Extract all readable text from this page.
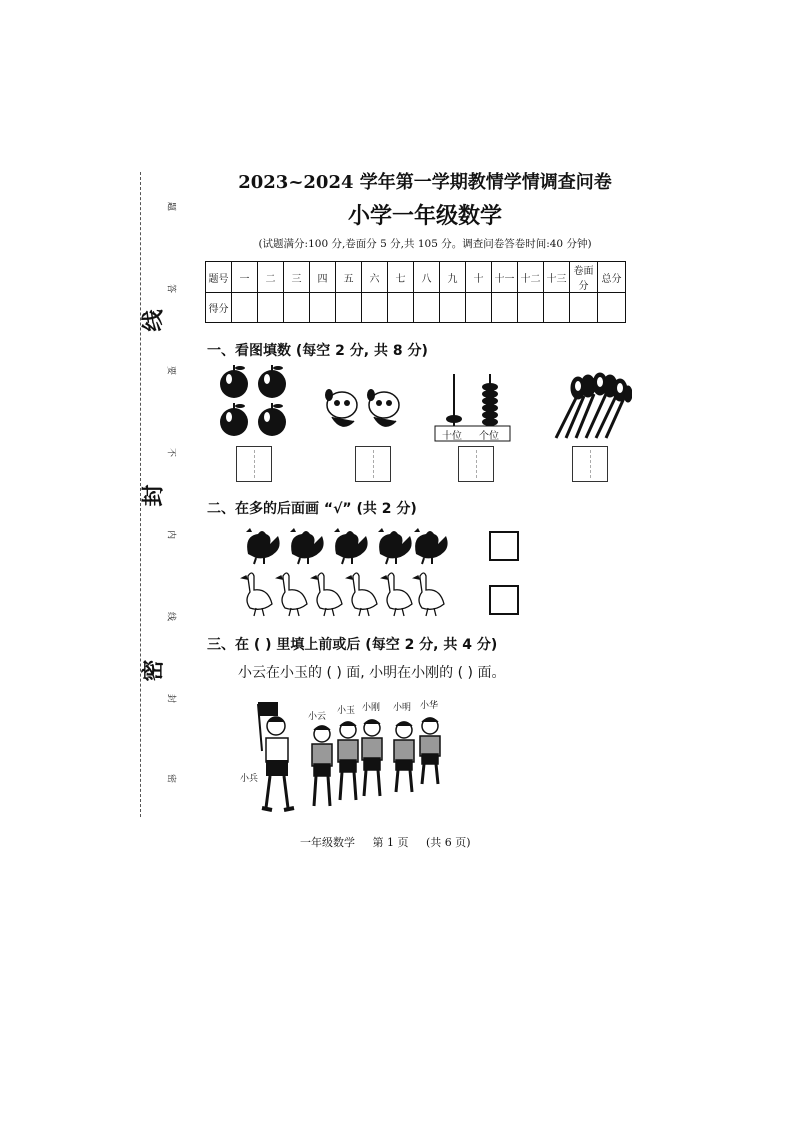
线
封
密
题
答
要
不
内
线
封
密
2023~2024 学年第一学期教情学情调查问卷
小学一年级数学
(试题满分:100 分,卷面分 5 分,共 105 分。调查问卷答卷时间:40 分钟)
题号	一	二	三	四	五	六	七	八	九	十	十一	十二	十三	卷面分	总分
得分															
一、看图填数 (每空 2 分, 共 8 分)
十位 个位
二、在多的后面画 “√” (共 2 分)
三、在 ( ) 里填上前或后 (每空 2 分, 共 4 分)
小云在小玉的 ( ) 面, 小明在小刚的 ( ) 面。
小兵
小云
小玉 小刚 小明 小华
一年级数学 第 1 页 (共 6 页)
